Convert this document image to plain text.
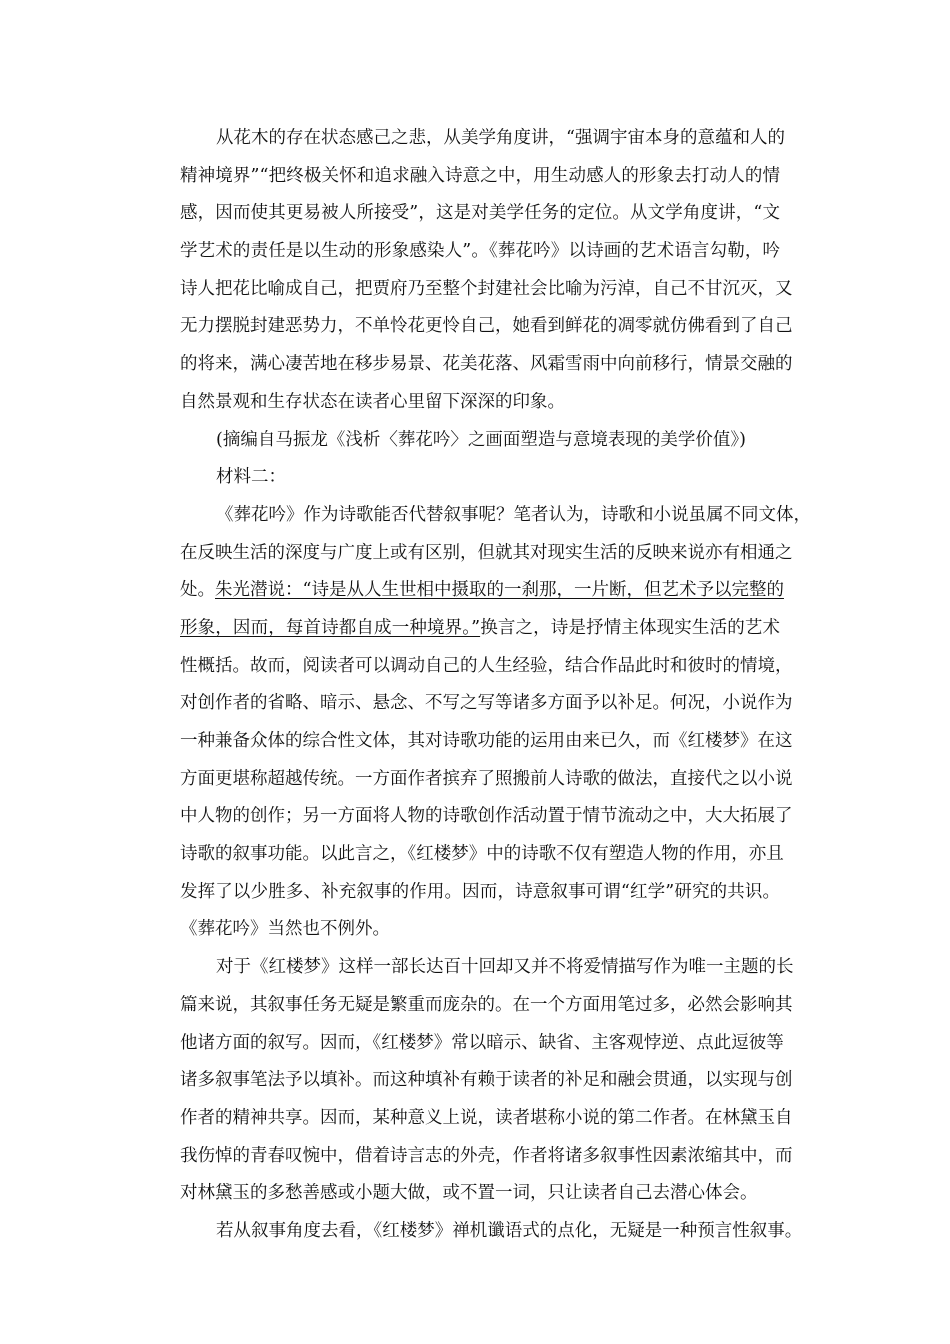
从花木的存在状态感己之悲，从美学角度讲，“强调宇宙本身的意蕴和人的
精神境界”“把终极关怀和追求融入诗意之中，用生动感人的形象去打动人的情
感，因而使其更易被人所接受”，这是对美学任务的定位。从文学角度讲，“文
学艺术的责任是以生动的形象感染人”。《葬花吟》以诗画的艺术语言勾勒，吟
诗人把花比喻成自己，把贾府乃至整个封建社会比喻为污淖，自己不甘沉灭，又
无力摆脱封建恶势力，不单怜花更怜自己，她看到鲜花的凋零就仿佛看到了自己
的将来，满心凄苦地在移步易景、花美花落、风霜雪雨中向前移行，情景交融的
自然景观和生存状态在读者心里留下深深的印象。
(摘编自马振龙《浅析〈葬花吟〉之画面塑造与意境表现的美学价值》)
材料二：
《葬花吟》作为诗歌能否代替叙事呢？笔者认为，诗歌和小说虽属不同文体，
在反映生活的深度与广度上或有区别，但就其对现实生活的反映来说亦有相通之
处。朱光潜说：“诗是从人生世相中摄取的一刹那，一片断，但艺术予以完整的
形象，因而，每首诗都自成一种境界。”换言之，诗是抒情主体现实生活的艺术
性概括。故而，阅读者可以调动自己的人生经验，结合作品此时和彼时的情境，
对创作者的省略、暗示、悬念、不写之写等诸多方面予以补足。何况，小说作为
一种兼备众体的综合性文体，其对诗歌功能的运用由来已久，而《红楼梦》在这
方面更堪称超越传统。一方面作者摈弃了照搬前人诗歌的做法，直接代之以小说
中人物的创作；另一方面将人物的诗歌创作活动置于情节流动之中，大大拓展了
诗歌的叙事功能。以此言之，《红楼梦》中的诗歌不仅有塑造人物的作用，亦且
发挥了以少胜多、补充叙事的作用。因而，诗意叙事可谓“红学”研究的共识。
《葬花吟》当然也不例外。
对于《红楼梦》这样一部长达百十回却又并不将爱情描写作为唯一主题的长
篇来说，其叙事任务无疑是繁重而庞杂的。在一个方面用笔过多，必然会影响其
他诸方面的叙写。因而，《红楼梦》常以暗示、缺省、主客观悖逆、点此逗彼等
诸多叙事笔法予以填补。而这种填补有赖于读者的补足和融会贯通，以实现与创
作者的精神共享。因而，某种意义上说，读者堪称小说的第二作者。在林黛玉自
我伤悼的青春叹惋中，借着诗言志的外壳，作者将诸多叙事性因素浓缩其中，而
对林黛玉的多愁善感或小题大做，或不置一词，只让读者自己去潜心体会。
若从叙事角度去看，《红楼梦》禅机谶语式的点化，无疑是一种预言性叙事。
